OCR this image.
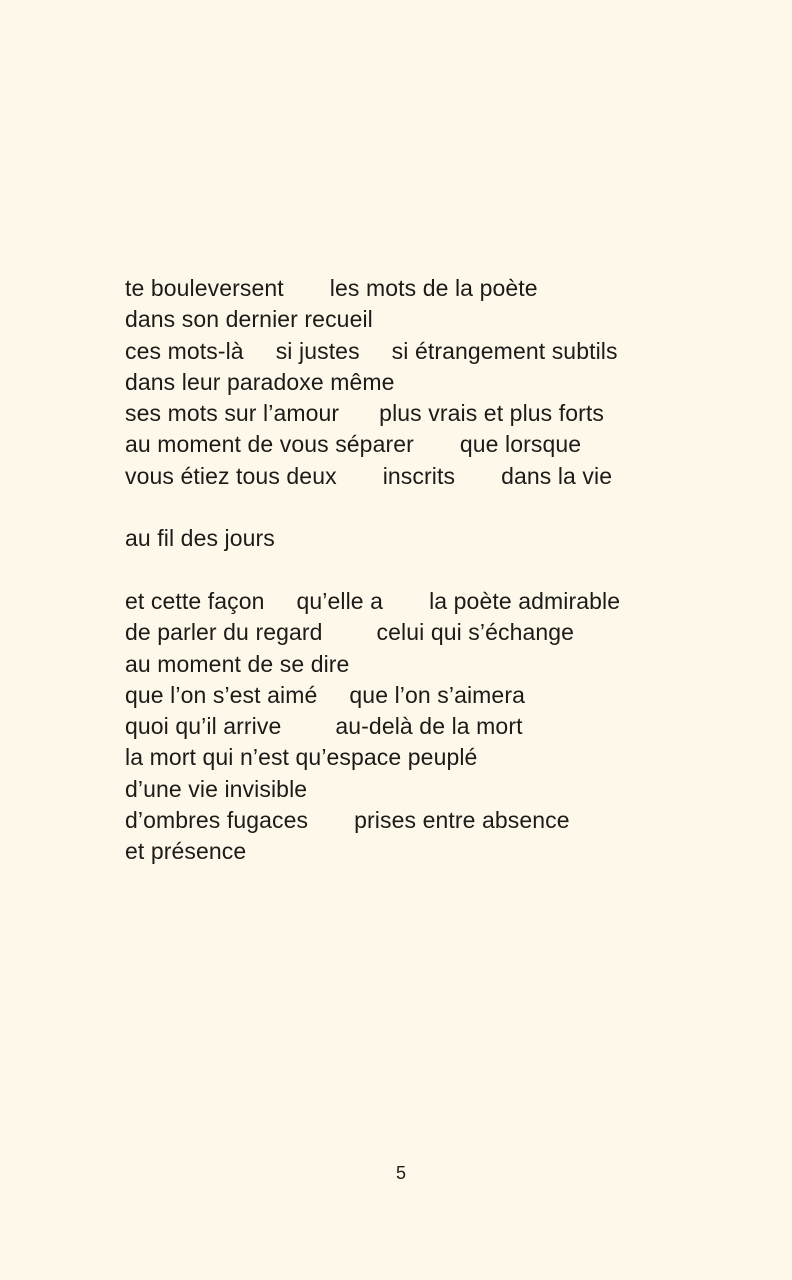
te bouleversent les mots de la poète
dans son dernier recueil
ces mots-là si justes si étrangement subtils
dans leur paradoxe même
ses mots sur l’amour plus vrais et plus forts
au moment de vous séparer que lorsque
vous étiez tous deux inscrits dans la vie
au fil des jours
et cette façon qu’elle a la poète admirable
de parler du regard celui qui s’échange
au moment de se dire
que l’on s’est aimé que l’on s’aimera
quoi qu’il arrive au-delà de la mort
la mort qui n’est qu’espace peuplé
d’une vie invisible
d’ombres fugaces prises entre absence
et présence
5
